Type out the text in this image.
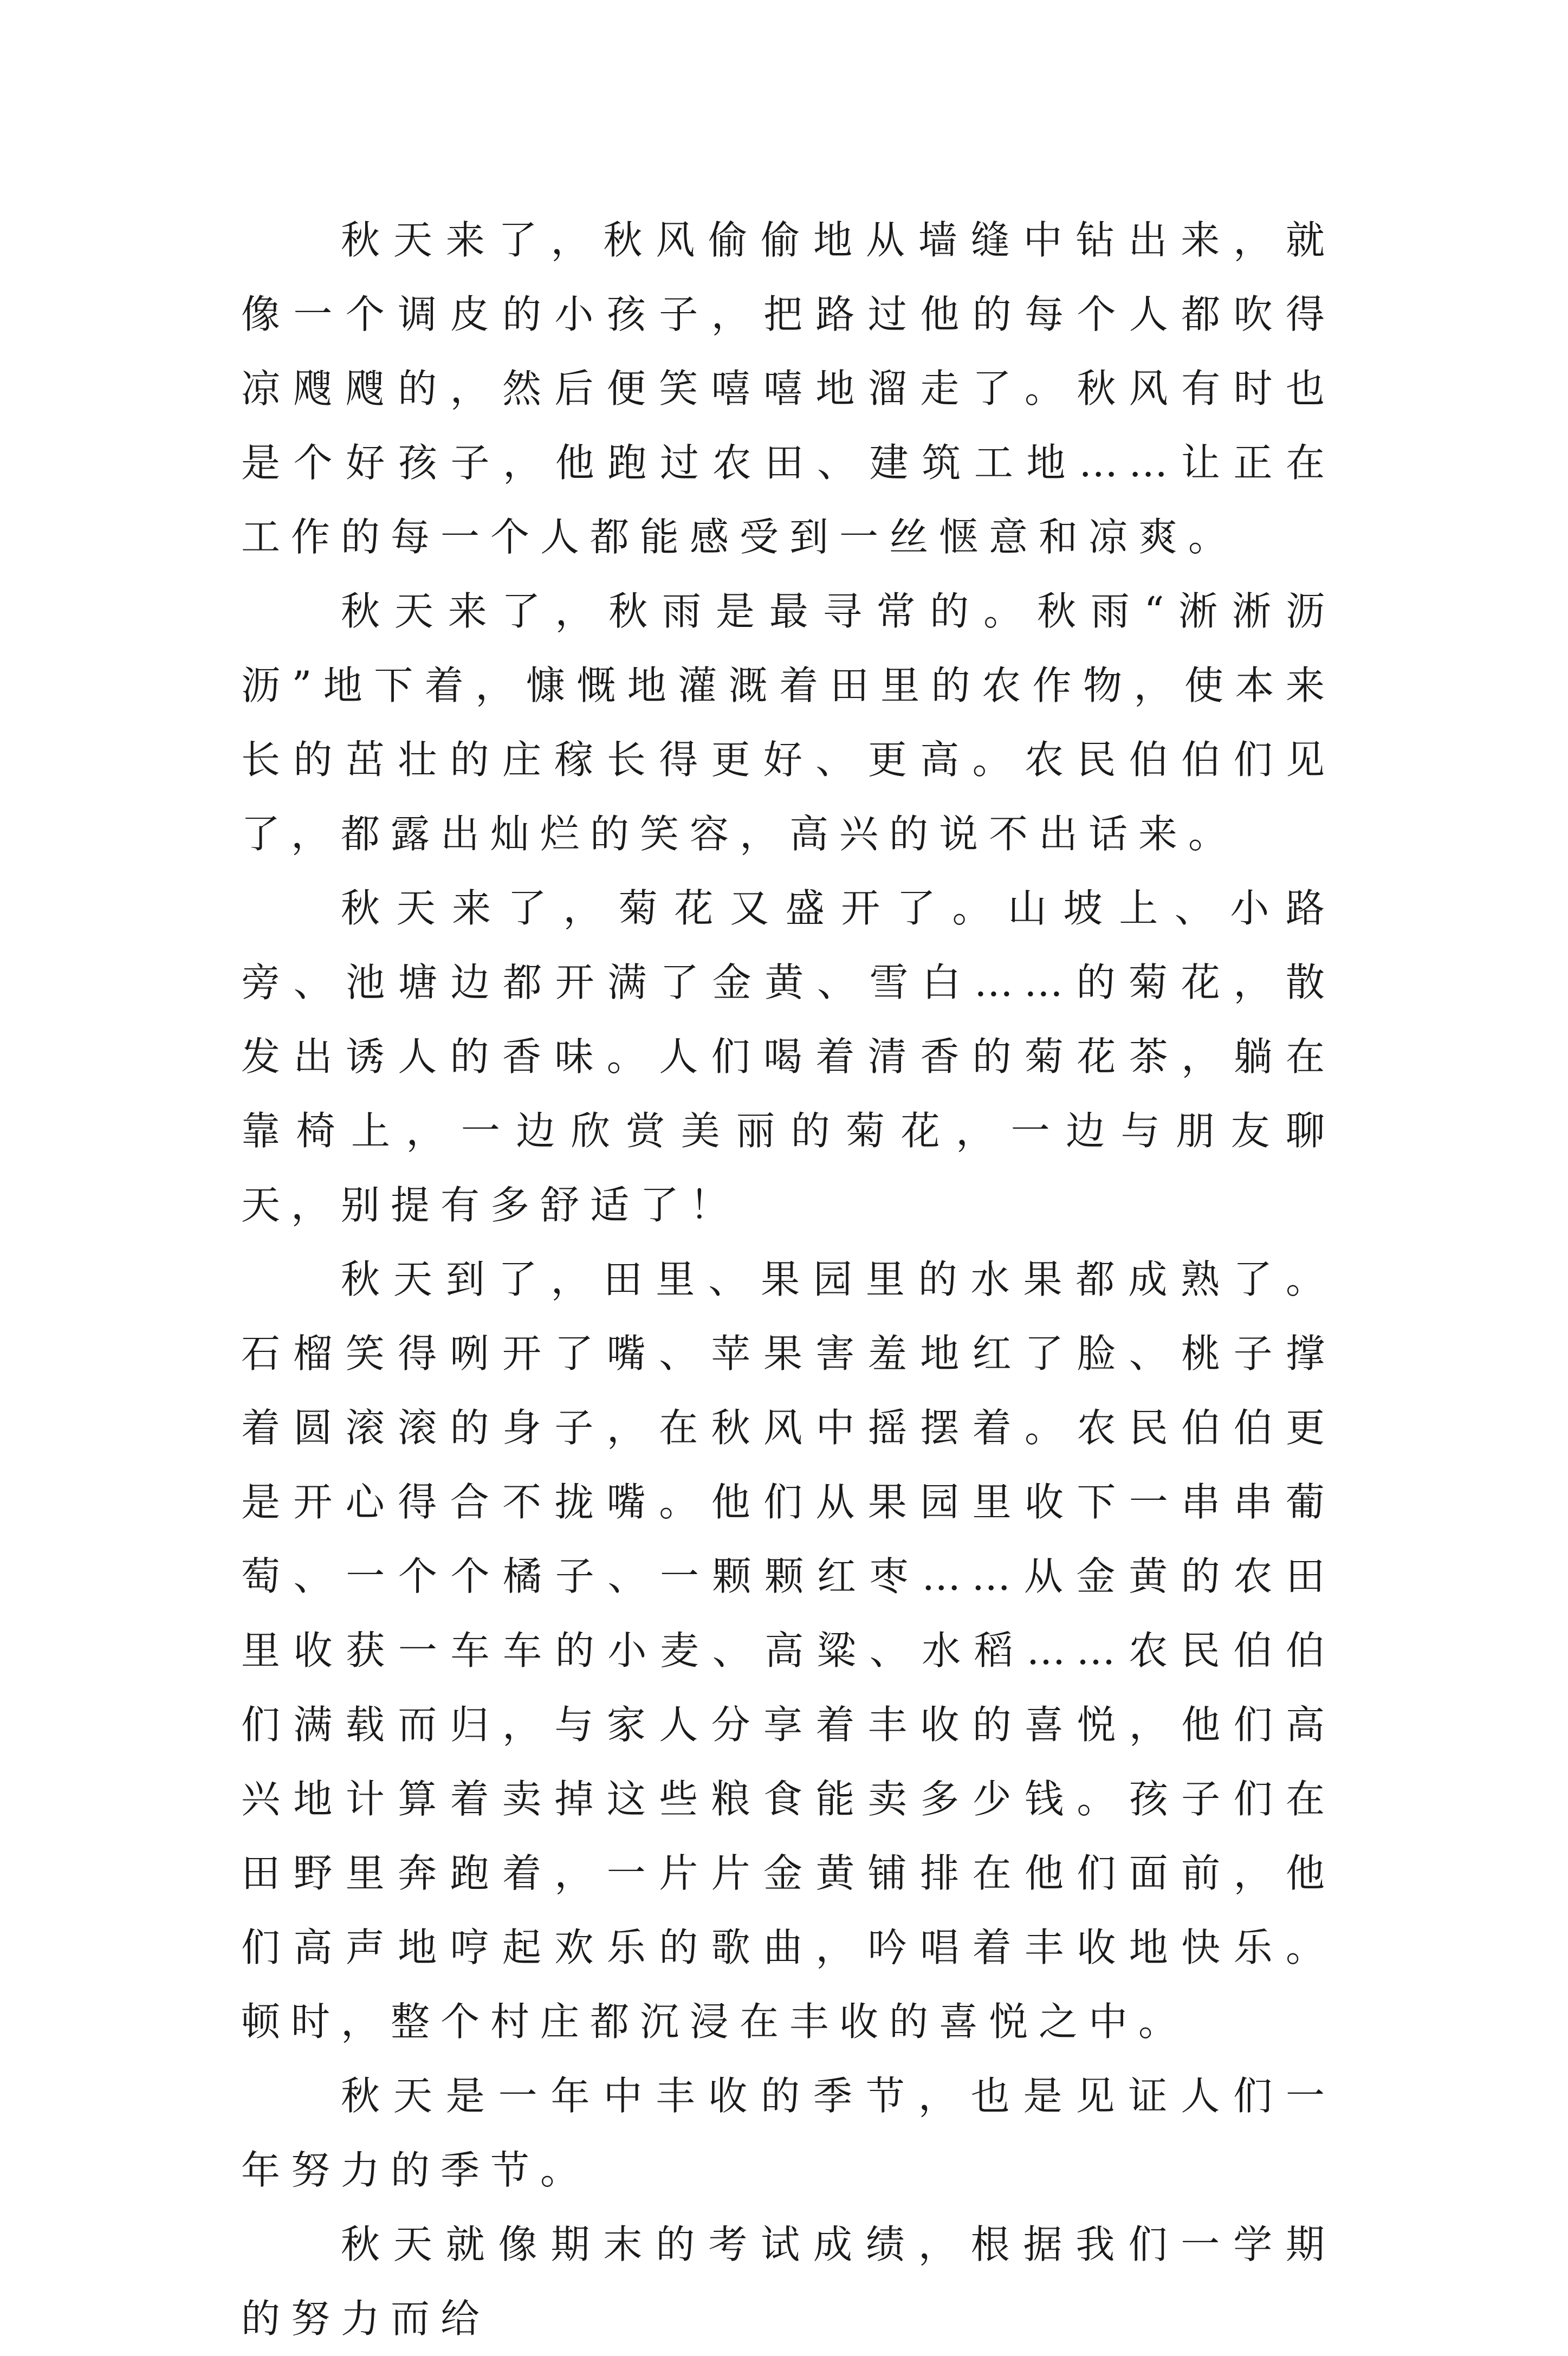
秋天来了，秋风偷偷地从墙缝中钻出来，就像一个调皮的小孩子，把路过他的每个人都吹得凉飕飕的，然后便笑嘻嘻地溜走了。秋风有时也是个好孩子，他跑过农田、建筑工地……让正在工作的每一个人都能感受到一丝惬意和凉爽。

秋天来了，秋雨是最寻常的。秋雨“淅淅沥沥”地下着，慷慨地灌溉着田里的农作物，使本来长的茁壮的庄稼长得更好、更高。农民伯伯们见了，都露出灿烂的笑容，高兴的说不出话来。

秋天来了，菊花又盛开了。山坡上、小路旁、池塘边都开满了金黄、雪白……的菊花，散发出诱人的香味。人们喝着清香的菊花茶，躺在靠椅上，一边欣赏美丽的菊花，一边与朋友聊天，别提有多舒适了！

秋天到了，田里、果园里的水果都成熟了。石榴笑得咧开了嘴、苹果害羞地红了脸、桃子撑着圆滚滚的身子，在秋风中摇摆着。农民伯伯更是开心得合不拢嘴。他们从果园里收下一串串葡萄、一个个橘子、一颗颗红枣……从金黄的农田里收获一车车的小麦、高粱、水稻……农民伯伯们满载而归，与家人分享着丰收的喜悦，他们高兴地计算着卖掉这些粮食能卖多少钱。孩子们在田野里奔跑着，一片片金黄铺排在他们面前，他们高声地哼起欢乐的歌曲，吟唱着丰收地快乐。顿时，整个村庄都沉浸在丰收的喜悦之中。

秋天是一年中丰收的季节，也是见证人们一年努力的季节。

秋天就像期末的考试成绩，根据我们一学期的努力而给
